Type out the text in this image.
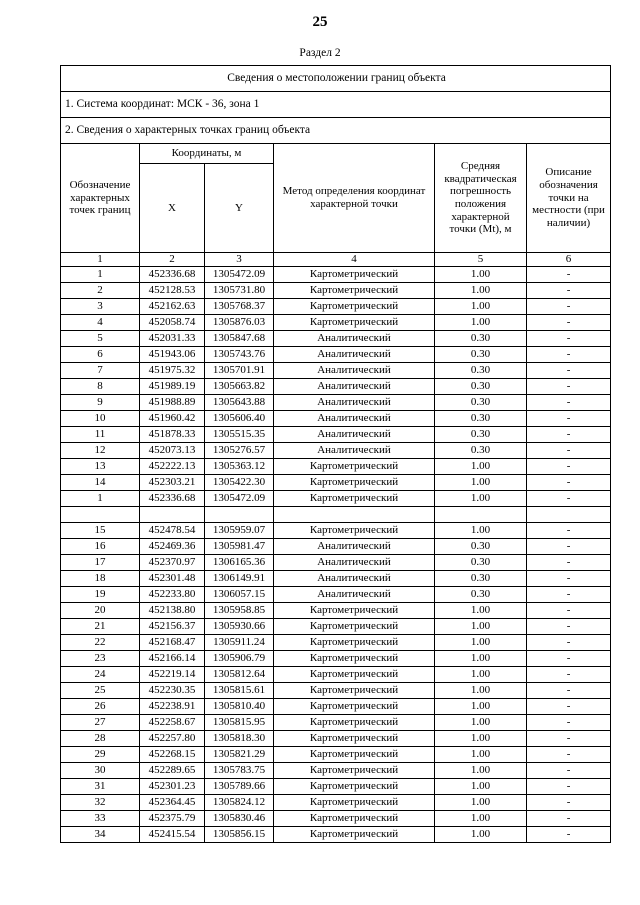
25
Раздел 2
Сведения о местоположении границ объекта					
1. Система координат: МСК - 36, зона 1					
2. Сведения о характерных точках границ объекта					
Обозначение характерных точек границ	Координаты, м		Метод определения координат характерной точки	Средняя квадратическая погрешность положения характерной точки (Mt), м	Описание обозначения точки на местности (при наличии)
	X	Y			
1	2	3	4	5	6
1	452336.68	1305472.09	Картометрический	1.00	-
2	452128.53	1305731.80	Картометрический	1.00	-
3	452162.63	1305768.37	Картометрический	1.00	-
4	452058.74	1305876.03	Картометрический	1.00	-
5	452031.33	1305847.68	Аналитический	0.30	-
6	451943.06	1305743.76	Аналитический	0.30	-
7	451975.32	1305701.91	Аналитический	0.30	-
8	451989.19	1305663.82	Аналитический	0.30	-
9	451988.89	1305643.88	Аналитический	0.30	-
10	451960.42	1305606.40	Аналитический	0.30	-
11	451878.33	1305515.35	Аналитический	0.30	-
12	452073.13	1305276.57	Аналитический	0.30	-
13	452222.13	1305363.12	Картометрический	1.00	-
14	452303.21	1305422.30	Картометрический	1.00	-
1	452336.68	1305472.09	Картометрический	1.00	-

15	452478.54	1305959.07	Картометрический	1.00	-
16	452469.36	1305981.47	Аналитический	0.30	-
17	452370.97	1306165.36	Аналитический	0.30	-
18	452301.48	1306149.91	Аналитический	0.30	-
19	452233.80	1306057.15	Аналитический	0.30	-
20	452138.80	1305958.85	Картометрический	1.00	-
21	452156.37	1305930.66	Картометрический	1.00	-
22	452168.47	1305911.24	Картометрический	1.00	-
23	452166.14	1305906.79	Картометрический	1.00	-
24	452219.14	1305812.64	Картометрический	1.00	-
25	452230.35	1305815.61	Картометрический	1.00	-
26	452238.91	1305810.40	Картометрический	1.00	-
27	452258.67	1305815.95	Картометрический	1.00	-
28	452257.80	1305818.30	Картометрический	1.00	-
29	452268.15	1305821.29	Картометрический	1.00	-
30	452289.65	1305783.75	Картометрический	1.00	-
31	452301.23	1305789.66	Картометрический	1.00	-
32	452364.45	1305824.12	Картометрический	1.00	-
33	452375.79	1305830.46	Картометрический	1.00	-
34	452415.54	1305856.15	Картометрический	1.00	-
